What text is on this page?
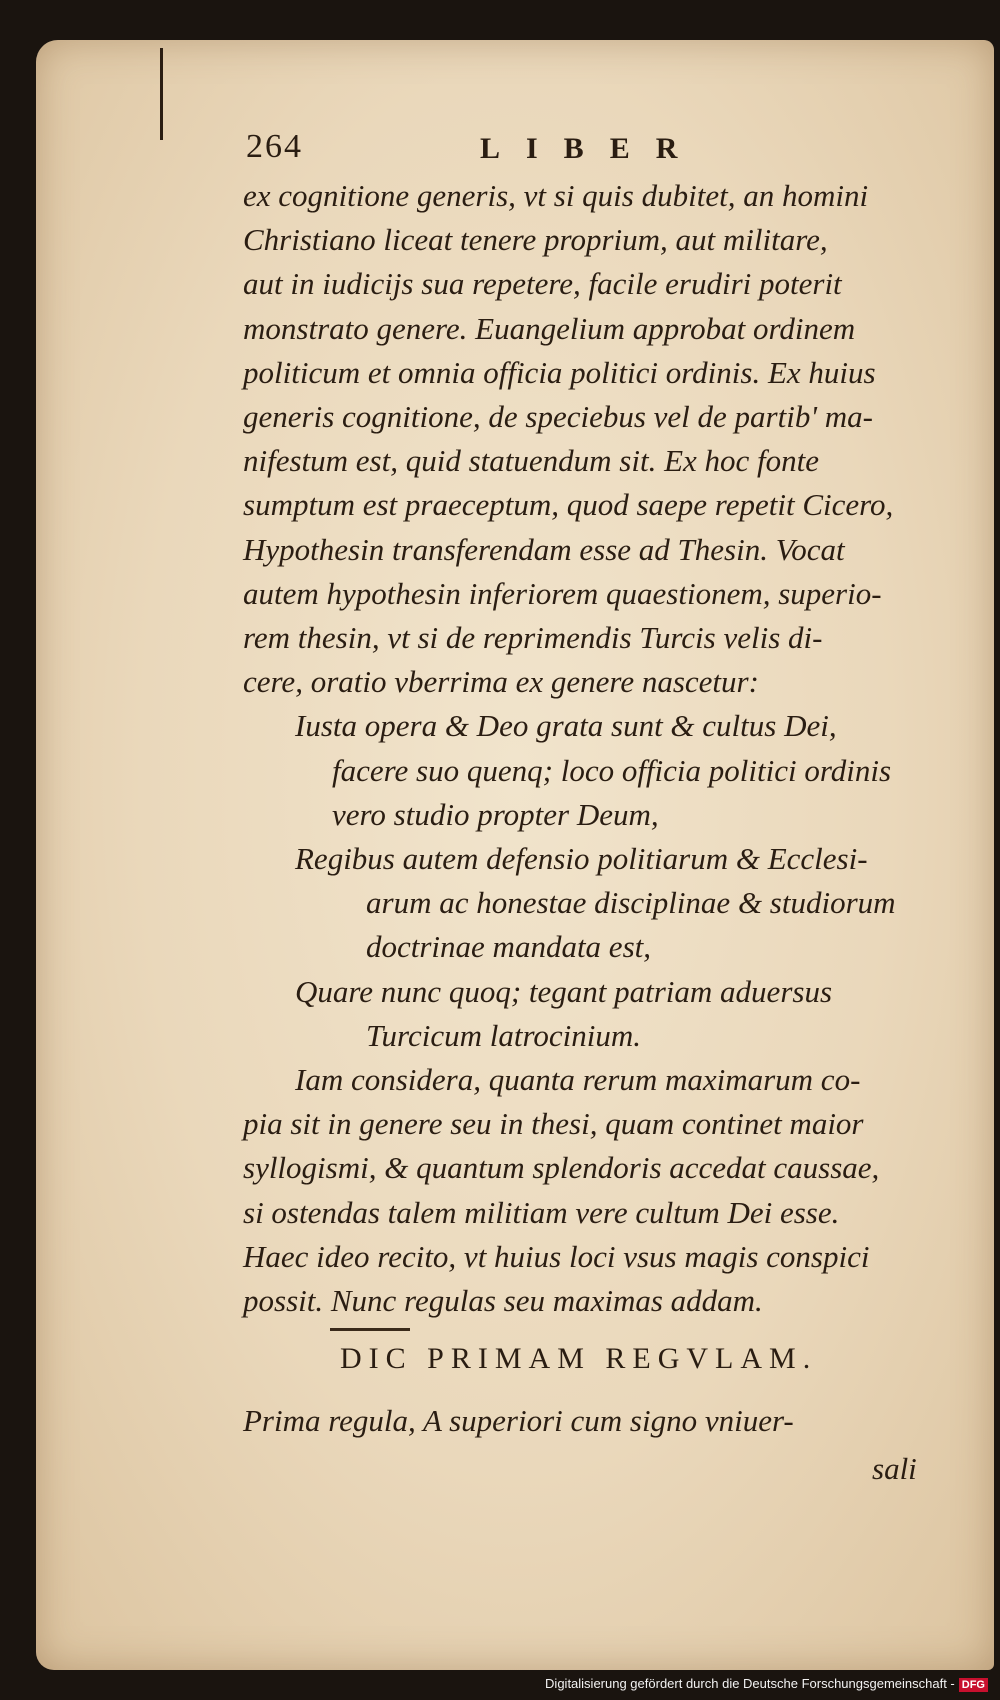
264	LIBER
ex cognitione generis, vt si quis dubitet, an homini
Christiano liceat tenere proprium, aut militare,
aut in iudicijs sua repetere, facile erudiri poterit
monstrato genere. Euangelium approbat ordinem
politicum et omnia officia politici ordinis. Ex huius
generis cognitione, de speciebus vel de partib' ma-
nifestum est, quid statuendum sit. Ex hoc fonte
sumptum est praeceptum, quod saepe repetit Cicero,
Hypothesin transferendam esse ad Thesin. Vocat
autem hypothesin inferiorem quaestionem, superio-
rem thesin, vt si de reprimendis Turcis velis di-
cere, oratio vberrima ex genere nascetur:
Iusta opera & Deo grata sunt & cultus Dei,
facere suo quenq; loco officia politici ordinis
vero studio propter Deum,
Regibus autem defensio politiarum & Ecclesi-
arum ac honestae disciplinae & studiorum
doctrinae mandata est,
Quare nunc quoq; tegant patriam aduersus
Turcicum latrocinium.
Iam considera, quanta rerum maximarum co-
pia sit in genere seu in thesi, quam continet maior
syllogismi, & quantum splendoris accedat caussae,
si ostendas talem militiam vere cultum Dei esse.
Haec ideo recito, vt huius loci vsus magis conspici
possit. Nunc regulas seu maximas addam.
DIC PRIMAM REGVLAM.
Prima regula, A superiori cum signo vniuer-
sali
Digitalisierung gefördert durch die Deutsche Forschungsgemeinschaft - DFG
